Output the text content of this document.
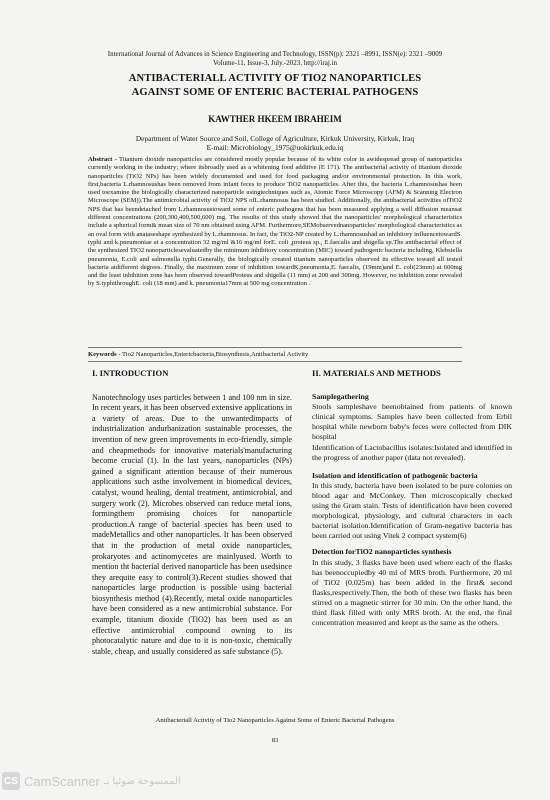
International Journal of Advances in Science Engineering and Technology, ISSN(p): 2321 –8991, ISSN(e): 2321 –9009
Volume-11, Issue-3, July.-2023, http://iraj.in
ANTIBACTERIALL ACTIVITY OF TIO2 NANOPARTICLES
AGAINST SOME OF ENTERIC BACTERIAL PATHOGENS
KAWTHER HKEEM IBRAHEIM
Department of Water Source and Soil, College of Agriculture, Kirkuk University, Kirkuk, Iraq
E-mail: Microbiology_1975@uokirkuk.edu.iq
Abstract - Titanium dioxide nanoparticles are considered mostly popular because of its white color in awidespread group of nanoparticles currently working in the industry; where itsbroadly used as a whitening food additive (E 171). The antibacterial activity of titanium dioxide nanoparticles (TiO2 NPs) has been widely documented and used for food packaging and/or environmental protection. In this work, first,bacteria L.rhamnosushas been removed from infant feces to produce TiO2 nanoparticles. After this, the bacteria L.rhamnosushas been used toexamine the biologically characterized nanoparticle usingtechniques such as, Atomic Force Microscopy (AFM) & Scanning Electron Microscope (SEM)).The antimicrobial activity of TiO2 NPS ofL.rhamnosus has been studied. Additionally, the antibacterial activities ofTiO2 NPS that has beendetached from L.rhamnosustoward some of enteric pathogens that has been measured applying a well diffusion meansat different concentrations (200,300,400,500,600) mg. The results of this study showed that the nanoparticles' morphological characteristics include a spherical form& mean size of 70 nm obtained using AFM. Furthermore,SEMobservednanoparticles' morphological characteristics as an oval form with anataseshape synthesized by L.rhamnosus. In fact, the TiO2-NP created by L.rhamnosushad an inhibitory influencetowardS. typhi and k.pneumoniae at a concentration 32 mg/ml &16 mg/ml forE. coli ,proteus sp., E.faecalis and shigella sp.The antibacterial effect of the synthesized TIO2 nanoparticlesevaluatedby the minimum inhibitory concentration (MIC) toward pathogenic bacteria including, Klebsiella pneumonia, E.coli and salmonella typhi.Generally, the biologically created titanium nanoparticles observed its effective toward all tested bacteria atdifferent degrees. Finally, the maximum zone of inhibition towardK.pneumonia,E. faecalis, (19mm)and E. coli(23mm) at 600mg and the least inhibition zone has been observed towardProteus and shigella (11 mm) at 200 and 300mg. However, no inhibition zone revealed by S.typhithroughE. coli (18 mm) and k. pneumonia17mm at 500 mg concentration .
Keywords - Tio2 Nanoparticles,Entericbacteria,Biosynthesis,Antibacterial Activity
I. INTRODUCTION

Nanotechnology uses particles between 1 and 100 nm in size. In recent years, it has been observed extensive applications in a variety of areas. Due to the unwantedimpacts of industrialization andurbanization sustainable processes, the invention of new green improvements in eco-friendly, simple and cheapmethods for innovative materials'manufacturing become crucial (1). In the last years, nanoparticles (NPs) gained a significant attention because of their numerous applications such asthe involvement in biomedical devices, catalyst, wound healing, dental treatment, antimicrobial, and surgery work (2). Microbes observed can reduce metal ions, formingthem promising choices for nanoparticle production.A range of bacterial species has been used to madeMetallics and other nanoparticles. It has been observed that in the production of metal oxide nanoparticles, prokaryotes and actinomycetes are mainlyused. Worth to mention tht bacterial derived nanoparticle has been usedsince they arequite easy to control(3).Recent studies showed that nanoparticles large production is possible using bacterial biosynthesis method (4).Recently, metal oxide nanoparticles have been considered as a new antimicrobial substance. For example, titanium dioxide (TiO2) has been used as an effective antimicrobial compound owning to its photocatalytic nature and due to it is non-toxic, chemically stable, cheap, and usually considered as safe substance (5).

II. MATERIALS AND METHODS

Samplegathering

Stools sampleshave beenobtained from patients of known clinical symptoms. Samples have been collected from Erbil hospital while newborn baby's feces were collected from DIK hospital

Identification of Lactobacillus isolates:Isolated and identified in the progress of another paper (data not revealed).

Isolation and identification of pathogenic bacteria

In this study, bacteria have been isolated to be pure colonies on blood agar and McConkey. Then microscopically checked using the Gram stain. Tests of identification have been covered morphological, physiology, and cultural characters in each bacterial isolation.Identification of Gram-negative bacteria has been carried out using Vitek 2 compact system(6)

Detection forTiO2 nanoparticles synthesis

In this study, 3 flasks have been used where each of the flasks has beenoccupiedby 40 ml of MRS broth. Furthermore, 20 ml of TiO2 (0.025m) has been added in the first& second flasks,respectively.Then, the both of these two flasks has been stirred on a magnetic stirrer for 30 min. On the other hand, the third flask filled with only MRS broth. At the end, the final concentration measured and keept as the same as the others.

Antibacteriall Activity of Tio2 Nanoparticles Against Some of Enteric Bacterial Pathogens
83
CS CamScanner الممسوحة ضوئيا بـ
